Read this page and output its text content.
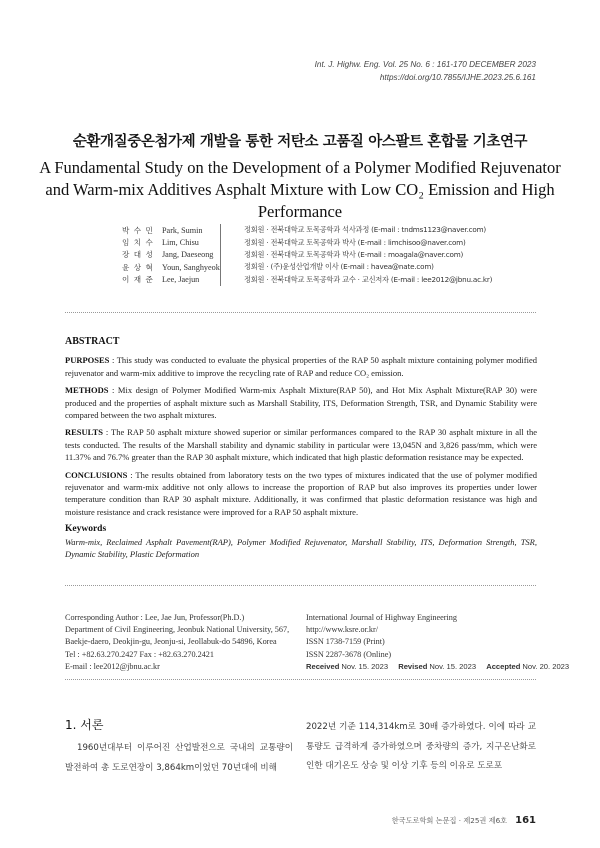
Int. J. Highw. Eng. Vol. 25 No. 6 : 161-170 DECEMBER 2023
https://doi.org/10.7855/IJHE.2023.25.6.161
순환개질중온첨가제 개발을 통한 저탄소 고품질 아스팔트 혼합물 기초연구
A Fundamental Study on the Development of a Polymer Modified Rejuvenator and Warm-mix Additives Asphalt Mixture with Low CO₂ Emission and High Performance
박 수 민 Park, Sumin	정회원 · 전북대학교 토목공학과 석사과정 (E-mail : tndms1123@naver.com)
임 치 수 Lim, Chisu	정회원 · 전북대학교 토목공학과 박사 (E-mail : limchisoo@naver.com)
장 대 성 Jang, Daeseong	정회원 · 전북대학교 토목공학과 박사 (E-mail : moagala@naver.com)
윤 상 혁 Youn, Sanghyeok	정회원 · (주)윤성산업개발 이사 (E-mail : havea@nate.com)
이 재 준 Lee, Jaejun	정회원 · 전북대학교 토목공학과 교수 · 교신저자 (E-mail : lee2012@jbnu.ac.kr)
ABSTRACT

PURPOSES : This study was conducted to evaluate the physical properties of the RAP 50 asphalt mixture containing polymer modified rejuvenator and warm-mix additive to improve the recycling rate of RAP and reduce CO₂ emission.

METHODS : Mix design of Polymer Modified Warm-mix Asphalt Mixture(RAP 50), and Hot Mix Asphalt Mixture(RAP 30) were produced and the properties of asphalt mixture such as Marshall Stability, ITS, Deformation Strength, TSR, and Dynamic Stability were compared between the two asphalt mixtures.

RESULTS : The RAP 50 asphalt mixture showed superior or similar performances compared to the RAP 30 asphalt mixture in all the tests conducted. The results of the Marshall stability and dynamic stability in particular were 13,045N and 3,826 pass/mm, which were 11.37% and 76.7% greater than the RAP 30 asphalt mixture, which indicated that high plastic deformation resistance may be expected.

CONCLUSIONS : The results obtained from laboratory tests on the two types of mixtures indicated that the use of polymer modified rejuvenator and warm-mix additive not only allows to increase the proportion of RAP but also improves its properties under lower temperature condition than RAP 30 asphalt mixture. Additionally, it was confirmed that plastic deformation resistance was high and moisture resistance and crack resistance were improved for a RAP 50 asphalt mixture.

Keywords
Warm-mix, Reclaimed Asphalt Pavement(RAP), Polymer Modified Rejuvenator, Marshall Stability, ITS, Deformation Strength, TSR, Dynamic Stability, Plastic Deformation
Corresponding Author : Lee, Jae Jun, Professor(Ph.D.)
Department of Civil Engineering, Jeonbuk National University, 567,
Baekje-daero, Deokjin-gu, Jeonju-si, Jeollabuk-do 54896, Korea
Tel : +82.63.270.2427 Fax : +82.63.270.2421
E-mail : lee2012@jbnu.ac.kr
International Journal of Highway Engineering
http://www.ksre.or.kr/
ISSN 1738-7159 (Print)
ISSN 2287-3678 (Online)
Received Nov. 15. 2023 Revised Nov. 15. 2023 Accepted Nov. 20. 2023
1. 서론
1960년대부터 이루어진 산업발전으로 국내의 교통량이 발전하여 총 도로연장이 3,864km이었던 70년대에 비해
2022년 기준 114,314km로 30배 증가하였다. 이에 따라 교통량도 급격하게 증가하였으며 중차량의 증가, 지구온난화로 인한 대기온도 상승 및 이상 기후 등의 이유로 도로포
한국도로학회 논문집 · 제25권 제6호 161
